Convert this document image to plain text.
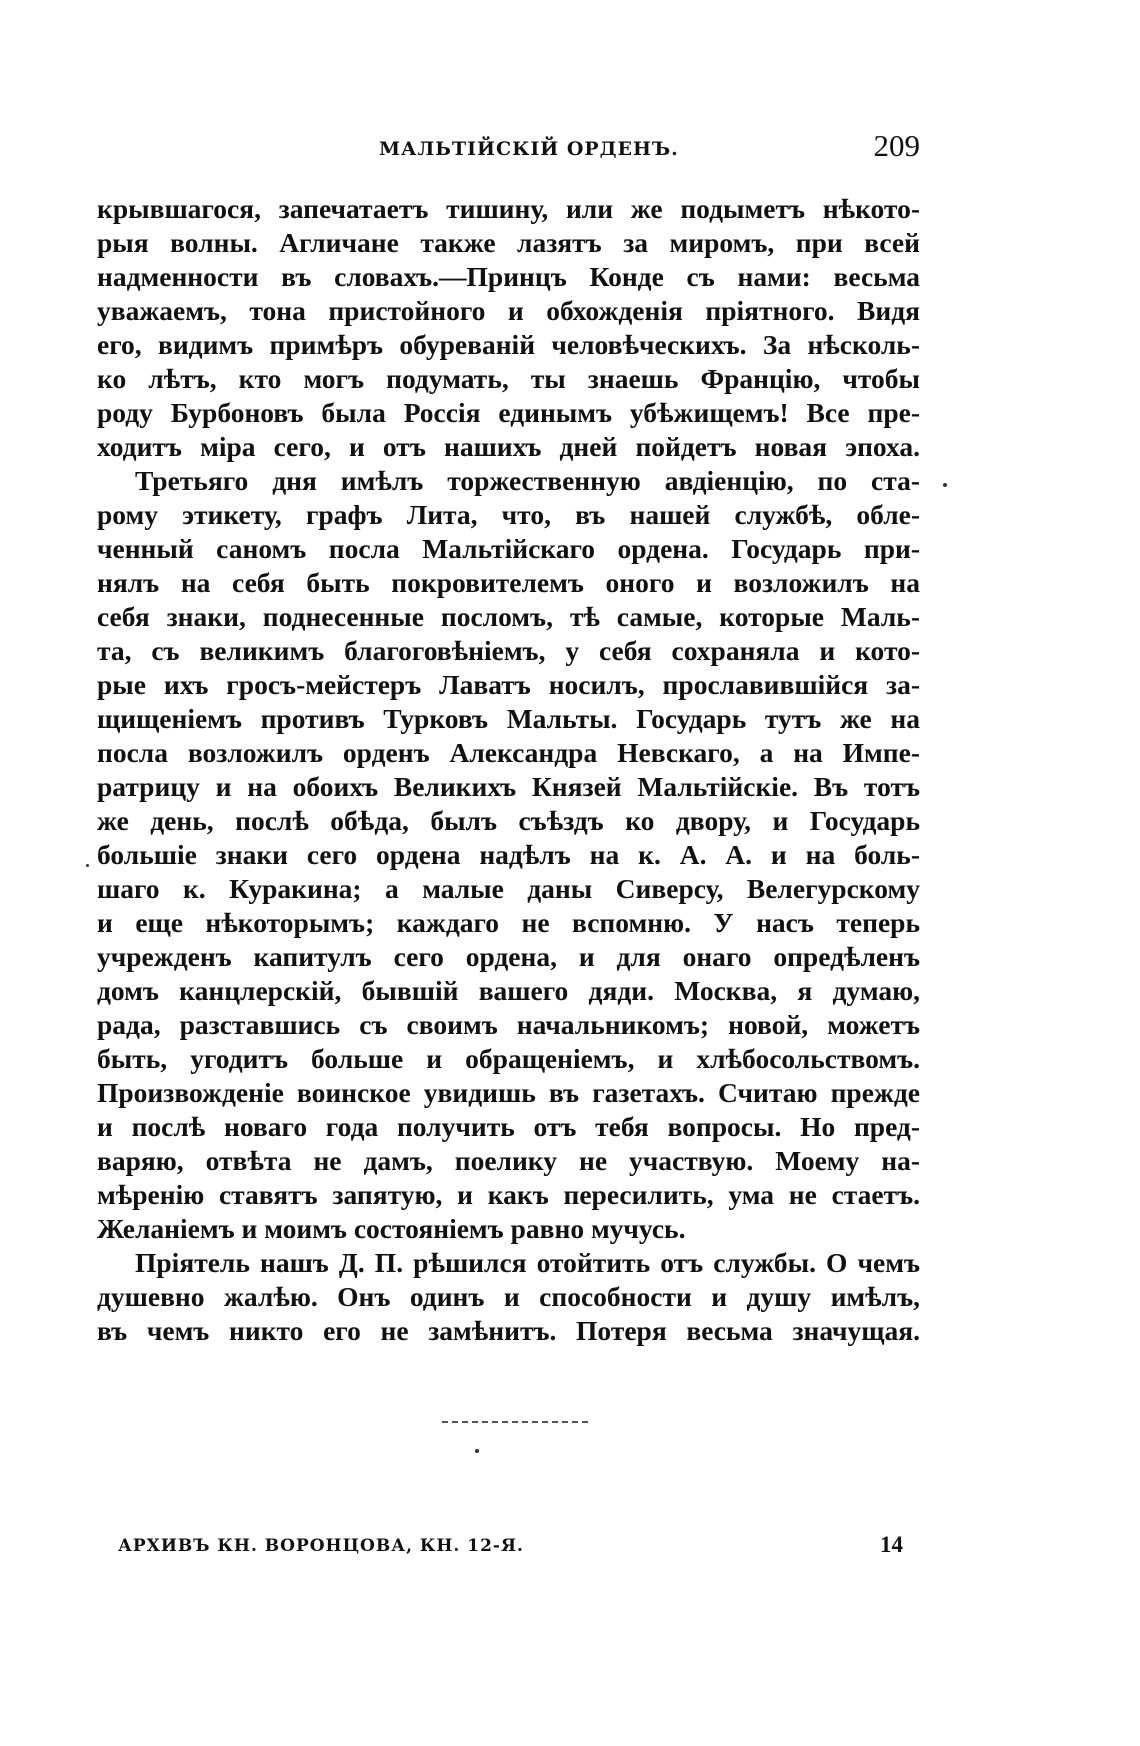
МАЛЬТІЙСКІЙ ОРДЕНЪ.	209
крывшагося, запечатаетъ тишину, или же подыметъ нѣкото-
рыя волны. Агличане также лазятъ за миромъ, при всей
надменности въ словахъ.—Принцъ Конде съ нами: весьма
уважаемъ, тона пристойного и обхожденія пріятного. Видя
его, видимъ примѣръ обуреваній человѣческихъ. За нѣсколь-
ко лѣтъ, кто могъ подумать, ты знаешь Францію, чтобы
роду Бурбоновъ была Россія единымъ убѣжищемъ! Все пре-
ходитъ міра сего, и отъ нашихъ дней пойдетъ новая эпоха.
Третьяго дня имѣлъ торжественную авдіенцію, по ста-
рому этикету, графъ Лита, что, въ нашей службѣ, обле-
ченный саномъ посла Мальтійскаго ордена. Государь при-
нялъ на себя быть покровителемъ оного и возложилъ на
себя знаки, поднесенные посломъ, тѣ самые, которые Маль-
та, съ великимъ благоговѣніемъ, у себя сохраняла и кото-
рые ихъ гросъ-мейстеръ Лаватъ носилъ, прославившійся за-
щищеніемъ противъ Турковъ Мальты. Государь тутъ же на
посла возложилъ орденъ Александра Невскаго, а на Импе-
ратрицу и на обоихъ Великихъ Князей Мальтійскіе. Въ тотъ
же день, послѣ обѣда, былъ съѣздъ ко двору, и Государь
большіе знаки сего ордена надѣлъ на к. А. А. и на боль-
шаго к. Куракина; а малые даны Сиверсу, Велегурскому
и еще нѣкоторымъ; каждаго не вспомню. У насъ теперь
учрежденъ капитулъ сего ордена, и для онаго опредѣленъ
домъ канцлерскій, бывшій вашего дяди. Москва, я думаю,
рада, разставшись съ своимъ начальникомъ; новой, можетъ
быть, угодитъ больше и обращеніемъ, и хлѣбосольствомъ.
Произвожденіе воинское увидишь въ газетахъ. Считаю прежде
и послѣ новаго года получить отъ тебя вопросы. Но пред-
варяю, отвѣта не дамъ, поелику не участвую. Моему на-
мѣренію ставятъ запятую, и какъ пересилить, ума не стаетъ.
Желаніемъ и моимъ состояніемъ равно мучусь.
Пріятель нашъ Д. П. рѣшился отойтить отъ службы. О чемъ
душевно жалѣю. Онъ одинъ и способности и душу имѣлъ,
въ чемъ никто его не замѣнитъ. Потеря весьма значущая.
АРХИВЪ КН. ВОРОНЦОВА, КН. 12-Я.	14
